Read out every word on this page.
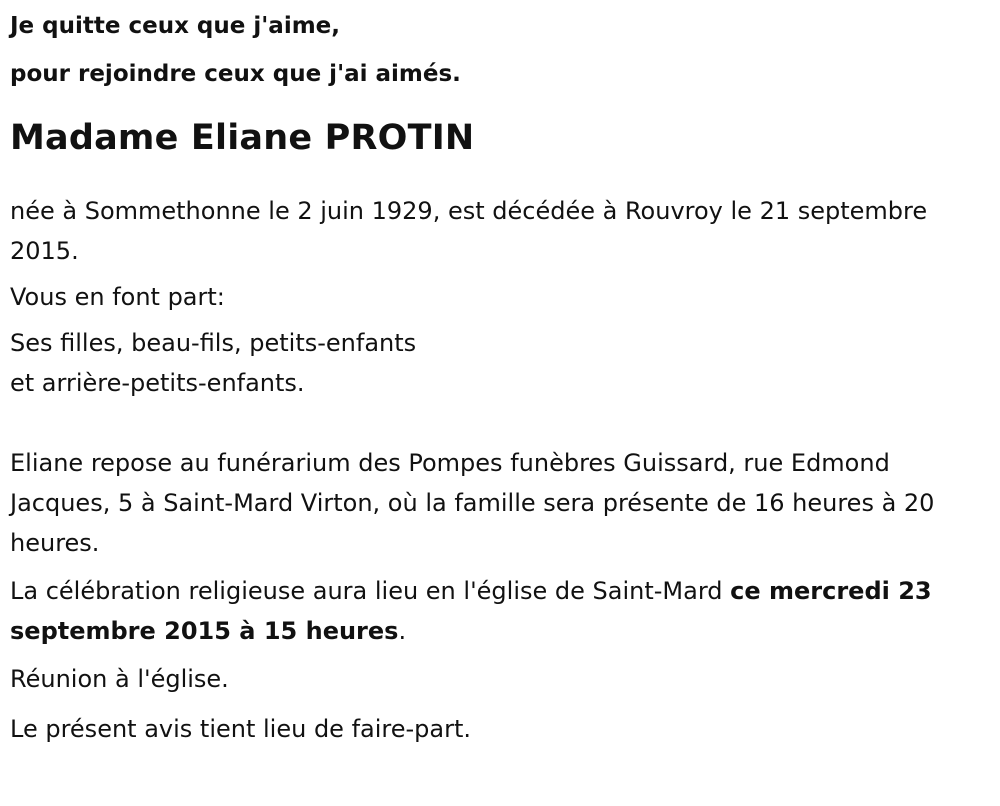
Je quitte ceux que j'aime,

pour rejoindre ceux que j'ai aimés.

Madame Eliane PROTIN

née à Sommethonne le 2 juin 1929, est décédée à Rouvroy le 21 septembre 2015.

Vous en font part:

Ses filles, beau-fils, petits-enfants

et arrière-petits-enfants.

Eliane repose au funérarium des Pompes funèbres Guissard, rue Edmond Jacques, 5 à Saint-Mard Virton, où la famille sera présente de 16 heures à 20 heures.

La célébration religieuse aura lieu en l'église de Saint-Mard ce mercredi 23 septembre 2015 à 15 heures.

Réunion à l'église.

Le présent avis tient lieu de faire-part.
